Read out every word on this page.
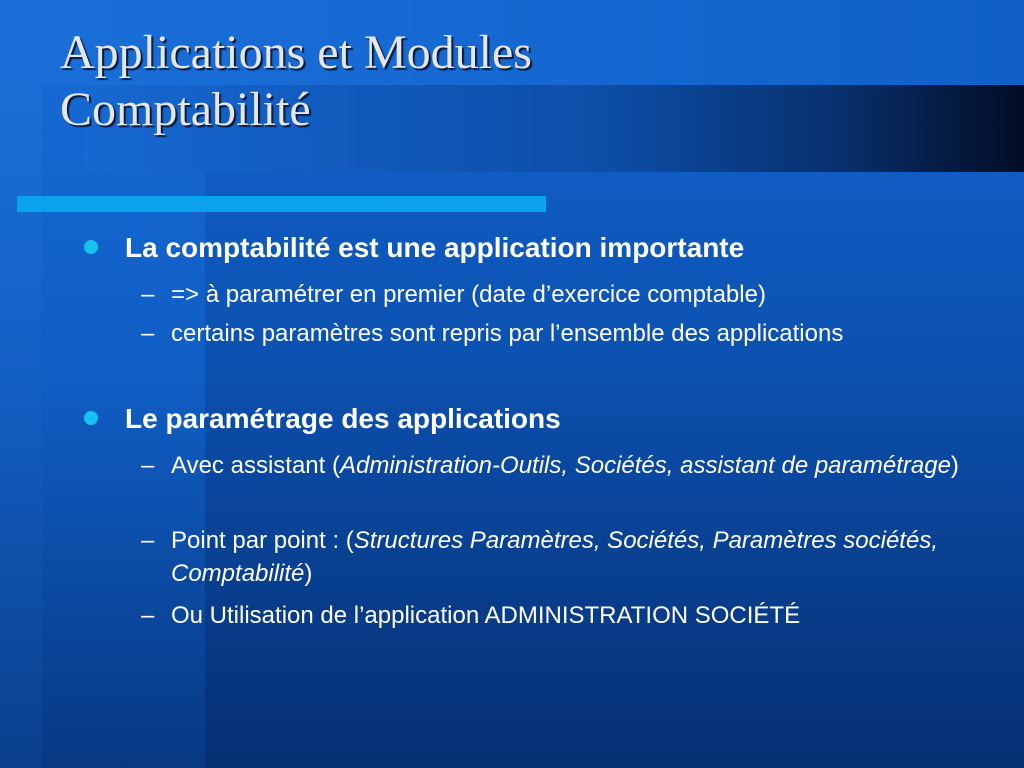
Applications et Modules
Comptabilité
La comptabilité est une application importante
– => à paramétrer en premier (date d’exercice comptable)
– certains paramètres sont repris par l’ensemble des applications
Le paramétrage des applications
– Avec assistant (Administration-Outils, Sociétés, assistant de paramétrage)
– Point par point : (Structures Paramètres, Sociétés, Paramètres sociétés, Comptabilité)
– Ou Utilisation de l’application ADMINISTRATION SOCIÉTÉ
